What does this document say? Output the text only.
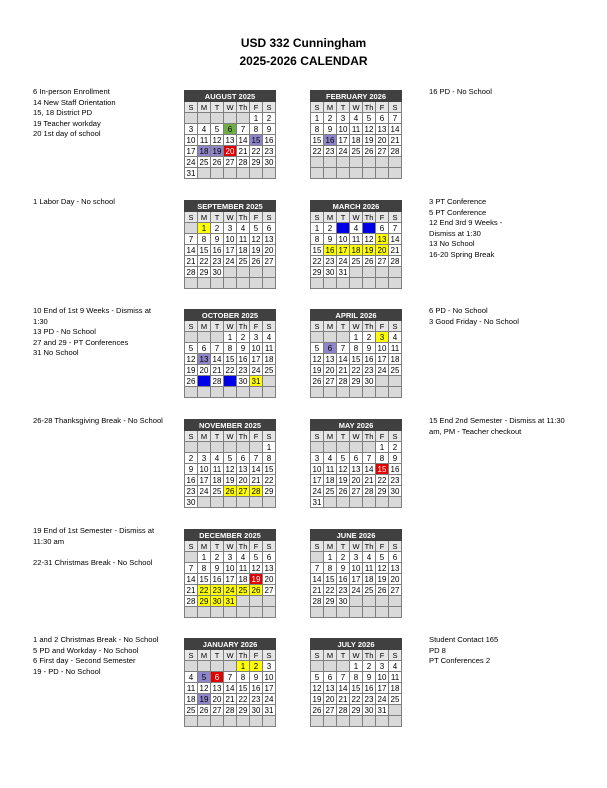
USD 332 Cunningham
2025-2026 CALENDAR
6 In-person Enrollment
14 New Staff Orientation
15, 18 District PD
19 Teacher workday
20 1st day of school
16 PD - No School
1 Labor Day - No school	3 PT Conference
5 PT Conference
12 End 3rd 9 Weeks -
Dismiss at 1:30
13 No School
16-20 Spring Break
10 End of 1st 9 Weeks - Dismiss at
1:30
13 PD - No School
27 and 29 - PT Conferences
31 No School
6 PD - No School
3 Good Friday - No School
26-28 Thanksgiving Break - No School	15 End 2nd Semester - Dismiss at 11:30
am, PM - Teacher checkout
19 End of 1st Semester - Dismiss at
11:30 am

22-31 Christmas Break - No School
1 and 2 Christmas Break - No School
5 PD and Workday - No School
6 First day - Second Semester
19 - PD - No School
Student Contact 165
PD 8
PT Conferences 2
AUGUST 2025						
S	M	T	W	Th	F	S
					1	2
3	4	5	6	7	8	9
10	11	12	13	14	15	16
17	18	19	20	21	22	23
24	25	26	27	28	29	30
31						
FEBRUARY 2026						
S	M	T	W	Th	F	S
1	2	3	4	5	6	7
8	9	10	11	12	13	14
15	16	17	18	19	20	21
22	23	24	25	26	27	28

SEPTEMBER 2025						
S	M	T	W	Th	F	S
	1	2	3	4	5	6
7	8	9	10	11	12	13
14	15	16	17	18	19	20
21	22	23	24	25	26	27
28	29	30				

MARCH 2026						
S	M	T	W	Th	F	S
1	2	3	4	5	6	7
8	9	10	11	12	13	14
15	16	17	18	19	20	21
22	23	24	25	26	27	28
29	30	31				

OCTOBER 2025						
S	M	T	W	Th	F	S
			1	2	3	4
5	6	7	8	9	10	11
12	13	14	15	16	17	18
19	20	21	22	23	24	25
26	27	28	29	30	31	

APRIL 2026						
S	M	T	W	Th	F	S
			1	2	3	4
5	6	7	8	9	10	11
12	13	14	15	16	17	18
19	20	21	22	23	24	25
26	27	28	29	30		

NOVEMBER 2025						
S	M	T	W	Th	F	S
						1
2	3	4	5	6	7	8
9	10	11	12	13	14	15
16	17	18	19	20	21	22
23	24	25	26	27	28	29
30						
MAY 2026						
S	M	T	W	Th	F	S
					1	2
3	4	5	6	7	8	9
10	11	12	13	14	15	16
17	18	19	20	21	22	23
24	25	26	27	28	29	30
31						
DECEMBER 2025						
S	M	T	W	Th	F	S
	1	2	3	4	5	6
7	8	9	10	11	12	13
14	15	16	17	18	19	20
21	22	23	24	25	26	27
28	29	30	31			

JUNE 2026						
S	M	T	W	Th	F	S
	1	2	3	4	5	6
7	8	9	10	11	12	13
14	15	16	17	18	19	20
21	22	23	24	25	26	27
28	29	30				

JANUARY 2026						
S	M	T	W	Th	F	S
				1	2	3
4	5	6	7	8	9	10
11	12	13	14	15	16	17
18	19	20	21	22	23	24
25	26	27	28	29	30	31

JULY 2026						
S	M	T	W	Th	F	S
			1	2	3	4
5	6	7	8	9	10	11
12	13	14	15	16	17	18
19	20	21	22	23	24	25
26	27	28	29	30	31	
